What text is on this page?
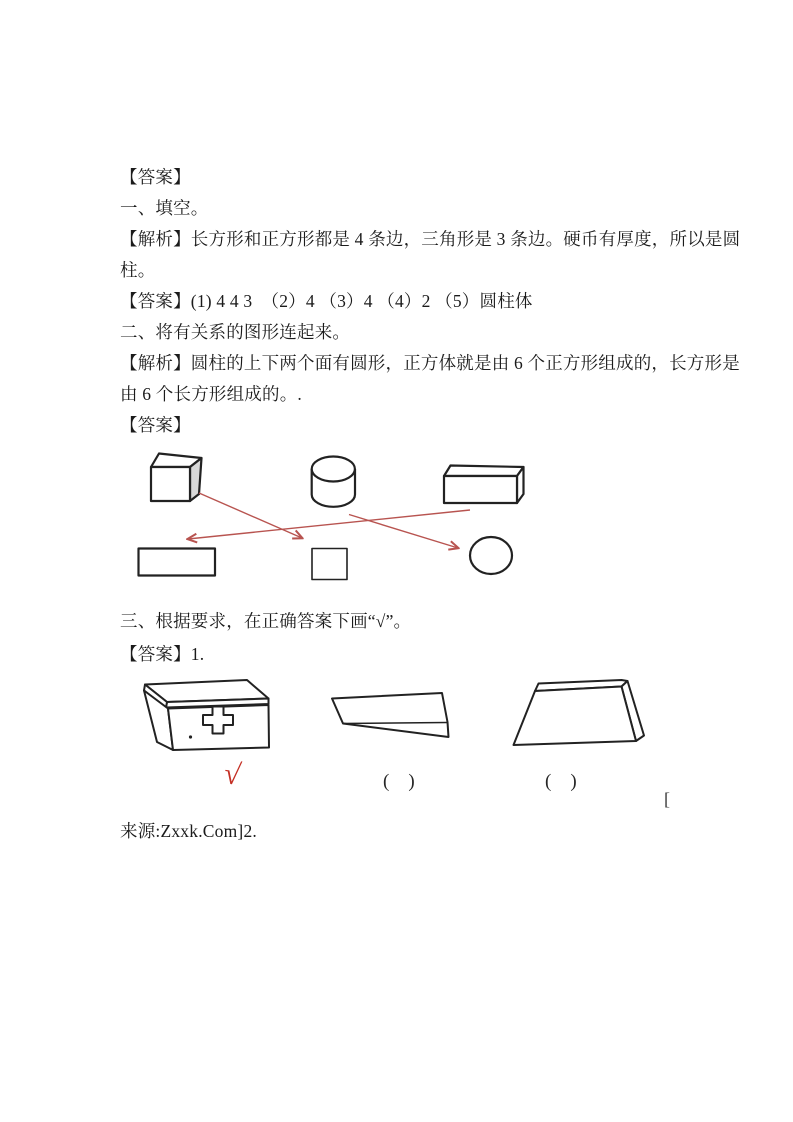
【答案】
一、填空。
【解析】长方形和正方形都是 4 条边，三角形是 3 条边。硬币有厚度，所以是圆
柱。
【答案】(1) 4 4 3  （2）4 （3）4 （4）2 （5）圆柱体
二、将有关系的图形连起来。
【解析】圆柱的上下两个面有圆形，正方体就是由 6 个正方形组成的，长方形是
由 6 个长方形组成的。.
【答案】
三、根据要求，在正确答案下画“√”。
【答案】1.
来源:Zxxk.Com]2.
√	(　)	(　)
[
